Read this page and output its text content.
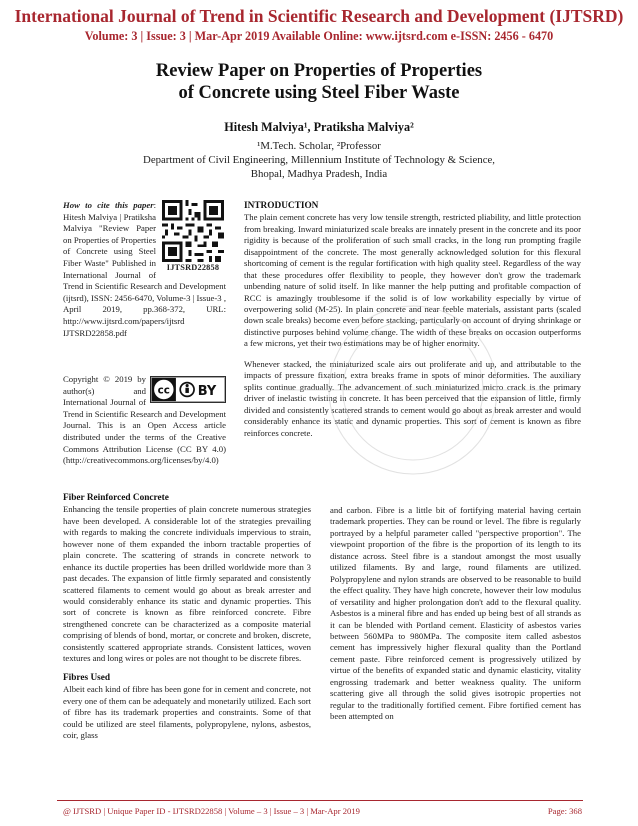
International Journal of Trend in Scientific Research and Development (IJTSRD)
Volume: 3 | Issue: 3 | Mar-Apr 2019 Available Online: www.ijtsrd.com e-ISSN: 2456 - 6470
Review Paper on Properties of Properties
of Concrete using Steel Fiber Waste
Hitesh Malviya¹, Pratiksha Malviya²
¹M.Tech. Scholar, ²Professor
Department of Civil Engineering, Millennium Institute of Technology & Science,
Bhopal, Madhya Pradesh, India
IJTSRD22858
How to cite this paper: Hitesh Malviya | Pratiksha Malviya "Review Paper on Properties of Properties of Concrete using Steel Fiber Waste" Published in International Journal of Trend in Scientific Research and Development (ijtsrd), ISSN: 2456-6470, Volume-3 | Issue-3 , April 2019, pp.368-372, URL: http://www.ijtsrd.com/papers/ijtsrd IJTSRD22858.pdf
cc BY
Copyright © 2019 by author(s) and International Journal of Trend in Scientific Research and Development Journal. This is an Open Access article distributed under the terms of the Creative Commons Attribution License (CC BY 4.0) (http://creativecommons.org/licenses/by/4.0)
INTRODUCTION
The plain cement concrete has very low tensile strength, restricted pliability, and little protection from breaking. Inward miniaturized scale breaks are innately present in the concrete and its poor rigidity is because of the proliferation of such small cracks, in the long run prompting fragile disappointment of the concrete. The most generally acknowledged solution for this flexural shortcoming of cement is the regular fortification with high quality steel. Regardless of the way that these procedures offer flexibility to people, they however don't grow the trademark unbending nature of solid itself. In like manner the help putting and profitable compaction of RCC is amazingly troublesome if the solid is of low workability especially by virtue of overpowering solid (M-25). In plain concrete and near feeble materials, assistant parts (scaled down scale breaks) become even before stacking, particularly on account of drying shrinkage or distinctive purposes behind volume change. The width of these breaks on occasion outperforms a few microns, yet their two estimations may be of higher enormity.
Whenever stacked, the miniaturized scale airs out proliferate and up, and attributable to the impacts of pressure fixation, extra breaks frame in spots of minor deformities. The auxiliary splits continue gradually. The advancement of such miniaturized micro crack is the primary driver of inelastic twisting in concrete. It has been perceived that the expansion of little, firmly divided and consistently scattered strands to cement would go about as break arrester and would considerably enhance its static and dynamic properties. This sort of cement is known as fibre reinforces concrete.
Fiber Reinforced Concrete
Enhancing the tensile properties of plain concrete numerous strategies have been developed. A considerable lot of the strategies prevailing with regards to making the concrete individuals impervious to strain, however none of them expanded the inborn tractable properties of plain concrete. The scattering of strands in concrete network to enhance its ductile properties has been drilled worldwide more than 3 past decades. The expansion of little firmly separated and consistently scattered filaments to cement would go about as break arrester and would considerably enhance its static and dynamic properties. This sort of concrete is known as fibre reinforced concrete. Fibre strengthened concrete can be characterized as a composite material comprising of blends of bond, mortar, or concrete and broken, discrete, consistently scattered appropriate strands. Consistent lattices, woven textures and long wires or poles are not thought to be discrete fibres.
Fibres Used
Albeit each kind of fibre has been gone for in cement and concrete, not every one of them can be adequately and monetarily utilized. Each sort of fibre has its trademark properties and constraints. Some of that could be utilized are steel filaments, polypropylene, nylons, asbestos, coir, glass
and carbon. Fibre is a little bit of fortifying material having certain trademark properties. They can be round or level. The fibre is regularly portrayed by a helpful parameter called "perspective proportion". The viewpoint proportion of the fibre is the proportion of its length to its distance across. Steel fibre is a standout amongst the most usually utilized filaments. By and large, round filaments are utilized. Polypropylene and nylon strands are observed to be reasonable to build the effect quality. They have high concrete, however their low modulus of versatility and higher prolongation don't add to the flexural quality. Asbestos is a mineral fibre and has ended up being best of all strands as it can be blended with Portland cement. Elasticity of asbestos varies between 560MPa to 980MPa. The composite item called asbestos cement has impressively higher flexural quality than the Portland cement paste. Fibre reinforced cement is progressively utilized by virtue of the benefits of expanded static and dynamic elasticity, vitality engrossing trademark and better weakness quality. The uniform scattering give all through the solid gives isotropic properties not regular to the traditionally fortified cement. Fibre fortified cement has been attempted on
@ IJTSRD | Unique Paper ID - IJTSRD22858 | Volume – 3 | Issue – 3 | Mar-Apr 2019	Page: 368
